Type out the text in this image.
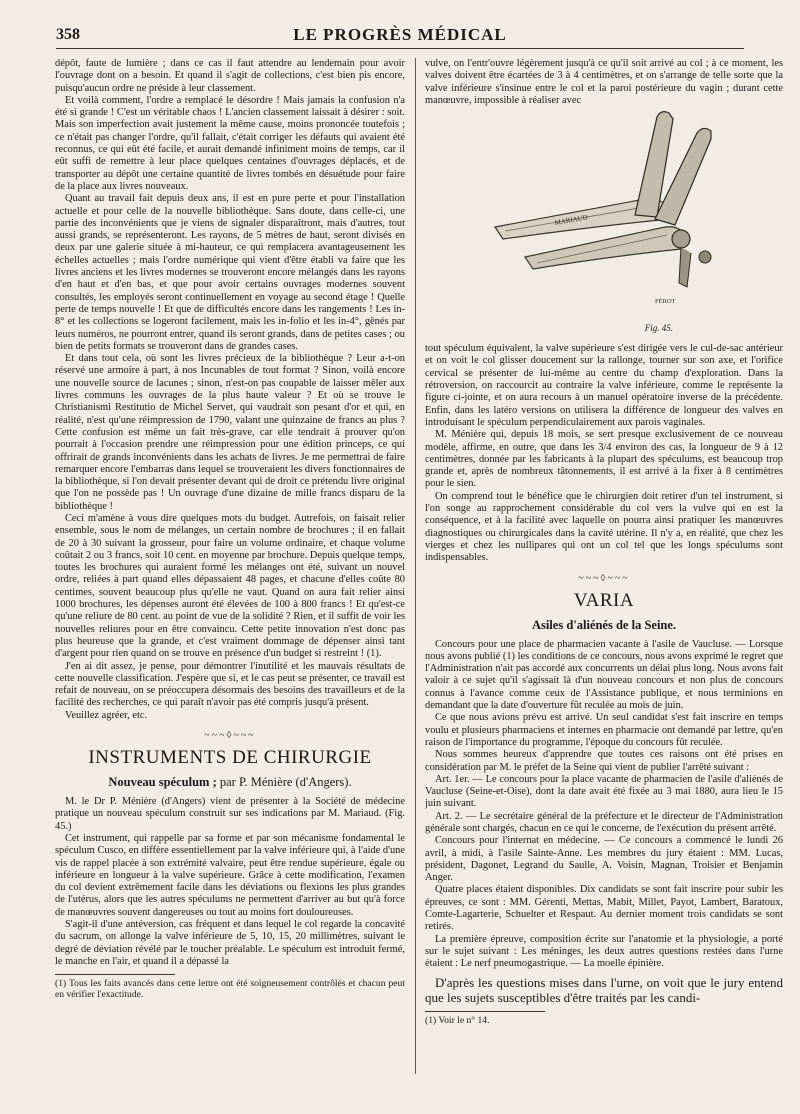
358	LE PROGRÈS MÉDICAL

dépôt, faute de lumière ; dans ce cas il faut attendre au lendemain pour avoir l'ouvrage dont on a besoin. Et quand il s'agit de collections, c'est bien pis encore, puisqu'aucun ordre ne préside à leur classement.

Et voilà comment, l'ordre a remplacé le désordre ! Mais jamais la confusion n'a été si grande ! C'est un véritable chaos ! L'ancien classement laissait à désirer : soit. Mais son imperfection avait justement la même cause, moins prononcée toutefois ; ce n'était pas changer l'ordre, qu'il fallait, c'était corriger les défauts qui avaient été reconnus, ce qui eût été facile, et aurait demandé infiniment moins de temps, car il eût suffi de remettre à leur place quelques centaines d'ouvrages déplacés, et de transporter au dépôt une certaine quantité de livres tombés en désuétude pour faire de la place aux livres nouveaux.

Quant au travail fait depuis deux ans, il est en pure perte et pour l'installation actuelle et pour celle de la nouvelle bibliothèque. Sans doute, dans celle-ci, une partie des inconvénients que je viens de signaler disparaîtront, mais d'autres, tout aussi grands, se représenteront. Les rayons, de 5 mètres de haut, seront divisés en deux par une galerie située à mi-hauteur, ce qui remplacera avantageusement les échelles actuelles ; mais l'ordre numérique qui vient d'être établi va faire que les livres anciens et les livres modernes se trouveront encore mélangés dans les rayons d'en haut et d'en bas, et que pour avoir certains ouvrages modernes souvent consultés, les employés seront continuellement en voyage au second étage ! Quelle perte de temps nouvelle ! Et que de difficultés encore dans les rangements ! Les in-8° et les collections se logeront facilement, mais les in-folio et les in-4°, gênés par leurs numéros, ne pourront entrer, quand ils seront grands, dans de petites cases ; ou bien de petits formats se trouveront dans de grandes cases.

Et dans tout cela, où sont les livres précieux de la bibliothèque ? Leur a-t-on réservé une armoire à part, à nos Incunables de tout format ? Sinon, voilà encore une nouvelle source de lacunes ; sinon, n'est-on pas coupable de laisser mêler aux livres communs les ouvrages de la plus haute valeur ? Et où se trouve le Christianismi Restitutio de Michel Servet, qui vaudrait son pesant d'or et qui, en réalité, n'est qu'une réimpression de 1790, valant une quinzaine de francs au plus ? Cette confusion est même un fait très-grave, car elle tendrait à prouver qu'on pourrait à l'occasion prendre une réimpression pour une édition princeps, ce qui offrirait de grands inconvénients dans les achats de livres. Je me permettrai de faire remarquer encore l'embarras dans lequel se trouveraient les divers fonctionnaires de la bibliothèque, si l'on devait présenter devant qui de droit ce prétendu livre original que l'on ne possède pas ! Un ouvrage d'une dizaine de mille francs disparu de la bibliothèque !

Ceci m'amène à vous dire quelques mots du budget. Autrefois, on faisait relier ensemble, sous le nom de mélanges, un certain nombre de brochures ; il en fallait de 20 à 30 suivant la grosseur, pour faire un volume ordinaire, et chaque volume coûtait 2 ou 3 francs, soit 10 cent. en moyenne par brochure. Depuis quelque temps, toutes les brochures qui auraient formé les mélanges ont été, suivant un nouvel ordre, reliées à part quand elles dépassaient 48 pages, et chacune d'elles coûte 80 centimes, souvent beaucoup plus qu'elle ne vaut. Quand on aura fait relier ainsi 1000 brochures, les dépenses auront été élevées de 100 à 800 francs ! Et qu'est-ce qu'une reliure de 80 cent. au point de vue de la solidité ? Rien, et il suffit de voir les nouvelles reliures pour en être convaincu. Cette petite innovation n'est donc pas plus heureuse que la grande, et c'est vraiment dommage de dépenser ainsi tant d'argent pour rien quand on se trouve en présence d'un budget si restreint ! (1).

J'en ai dit assez, je pense, pour démontrer l'inutilité et les mauvais résultats de cette nouvelle classification. J'espère que si, et le cas peut se présenter, ce travail est refait de nouveau, on se préoccupera désormais des besoins des travailleurs et de la facilité des recherches, ce qui paraît n'avoir pas été compris jusqu'à présent.

Veuillez agréer, etc.

~~~◊~~~
INSTRUMENTS DE CHIRURGIE
Nouveau spéculum ; par P. Ménière (d'Angers).

M. le Dr P. Ménière (d'Angers) vient de présenter à la Société de médecine pratique un nouveau spéculum construit sur ses indications par M. Mariaud. (Fig. 45.)

Cet instrument, qui rappelle par sa forme et par son mécanisme fondamental le spéculum Cusco, en diffère essentiellement par la valve inférieure qui, à l'aide d'une vis de rappel placée à son extrémité valvaire, peut être rendue supérieure, égale ou inférieure en longueur à la valve supérieure. Grâce à cette modification, l'examen du col devient extrêmement facile dans les déviations ou flexions les plus grandes de l'utérus, alors que les autres spéculums ne permettent d'arriver au but qu'à force de manœuvres souvent dangereuses ou tout au moins fort douloureuses.

S'agit-il d'une antéversion, cas fréquent et dans lequel le col regarde la concavité du sacrum, on allonge la valve inférieure de 5, 10, 15, 20 millimètres, suivant le degré de déviation révélé par le toucher préalable. Le spéculum est introduit fermé, le manche en l'air, et quand il a dépassé la

(1) Tous les faits avancés dans cette lettre ont été soigneusement contrôlés et chacun peut en vérifier l'exactitude.

vulve, on l'entr'ouvre légèrement jusqu'à ce qu'il soit arrivé au col ; à ce moment, les valves doivent être écartées de 3 à 4 centimètres, et on s'arrange de telle sorte que la valve inférieure s'insinue entre le col et la paroi postérieure du vagin ; durant cette manœuvre, impossible à réaliser avec

MARIAUD
FÉROT
Fig. 45.

tout spéculum équivalent, la valve supérieure s'est dirigée vers le cul-de-sac antérieur et on voit le col glisser doucement sur la rallonge, tourner sur son axe, et l'orifice cervical se présenter de lui-même au centre du champ d'exploration. Dans la rétroversion, on raccourcit au contraire la valve inférieure, comme le représente la figure ci-jointe, et on aura recours à un manuel opératoire inverse de la précédente. Enfin, dans les latéro versions on utilisera la différence de longueur des valves en introduisant le spéculum perpendiculairement aux parois vaginales.

M. Ménière qui, depuis 18 mois, se sert presque exclusivement de ce nouveau modèle, affirme, en outre, que dans les 3/4 environ des cas, la longueur de 9 à 12 centimètres, donnée par les fabricants à la plupart des spéculums, est beaucoup trop grande et, après de nombreux tâtonnements, il est arrivé à la fixer à 8 centimètres pour le sien.

On comprend tout le bénéfice que le chirurgien doit retirer d'un tel instrument, si l'on songe au rapprochement considérable du col vers la vulve qui en est la conséquence, et à la facilité avec laquelle on pourra ainsi pratiquer les manœuvres diagnostiques ou chirurgicales dans la cavité utérine. Il n'y a, en réalité, que chez les vierges et chez les nullipares qui ont un col tel que les longs spéculums sont indispensables.

~~~◊~~~
VARIA
Asiles d'aliénés de la Seine.

Concours pour une place de pharmacien vacante à l'asile de Vaucluse. — Lorsque nous avons publié (1) les conditions de ce concours, nous avons exprimé le regret que l'Administration n'ait pas accordé aux concurrents un délai plus long. Nous avons fait valoir à ce sujet qu'il s'agissait là d'un nouveau concours et non plus de concours connus à l'avance comme ceux de l'Assistance publique, et nous terminions en demandant que la date d'ouverture fût reculée au mois de juin.

Ce que nous avions prévu est arrivé. Un seul candidat s'est fait inscrire en temps voulu et plusieurs pharmaciens et internes en pharmacie ont demandé par lettre, qu'en raison de l'importance du programme, l'époque du concours fût reculée.

Nous sommes heureux d'apprendre que toutes ces raisons ont été prises en considération par M. le préfet de la Seine qui vient de publier l'arrêté suivant :

Art. 1er. — Le concours pour la place vacante de pharmacien de l'asile d'aliénés de Vaucluse (Seine-et-Oise), dont la date avait été fixée au 3 mai 1880, aura lieu le 15 juin suivant.

Art. 2. — Le secrétaire général de la préfecture et le directeur de l'Administration générale sont chargés, chacun en ce qui le concerne, de l'exécution du présent arrêté.

Concours pour l'internat en médecine. — Ce concours a commencé le lundi 26 avril, à midi, à l'asile Sainte-Anne. Les membres du jury étaient : MM. Lucas, président, Dagonet, Legrand du Saulle, A. Voisin, Magnan, Troisier et Benjamin Anger.

Quatre places étaient disponibles. Dix candidats se sont fait inscrire pour subir les épreuves, ce sont : MM. Gérenti, Mettas, Mabit, Millet, Payot, Lambert, Baratoux, Comte-Lagarterie, Schuelter et Respaut. Au dernier moment trois candidats se sont retirés.

La première épreuve, composition écrite sur l'anatomie et la physiologie, a porté sur le sujet suivant : Les méninges, les deux autres questions restées dans l'urne étaient : Le nerf pneumogastrique. — La moelle épinière.

D'après les questions mises dans l'urne, on voit que le jury entend que les sujets susceptibles d'être traités par les candi-

(1) Voir le n° 14.
